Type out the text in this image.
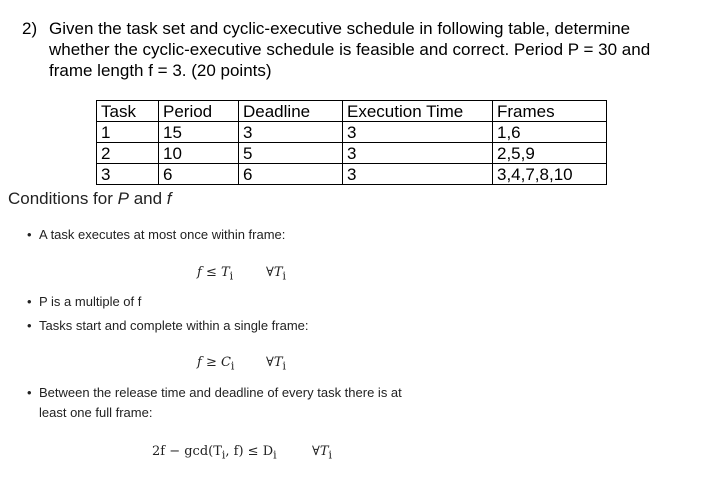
2) Given the task set and cyclic-executive schedule in following table, determine
whether the cyclic-executive schedule is feasible and correct. Period P = 30 and
frame length f = 3. (20 points)
Task	Period	Deadline	Execution Time	Frames
1	15	3	3	1,6
2	10	5	3	2,5,9
3	6	6	3	3,4,7,8,10
Conditions for P and f
• A task executes at most once within frame:
$f \le T_i$	$\forall T_i$
• P is a multiple of f
• Tasks start and complete within a single frame:
$f \ge C_i$ $\forall T_i$
• Between the release time and deadline of every task there is at
least one full frame:
$2f - \gcd(T_i$, $f) \le D_i$	$\forall T_i$
